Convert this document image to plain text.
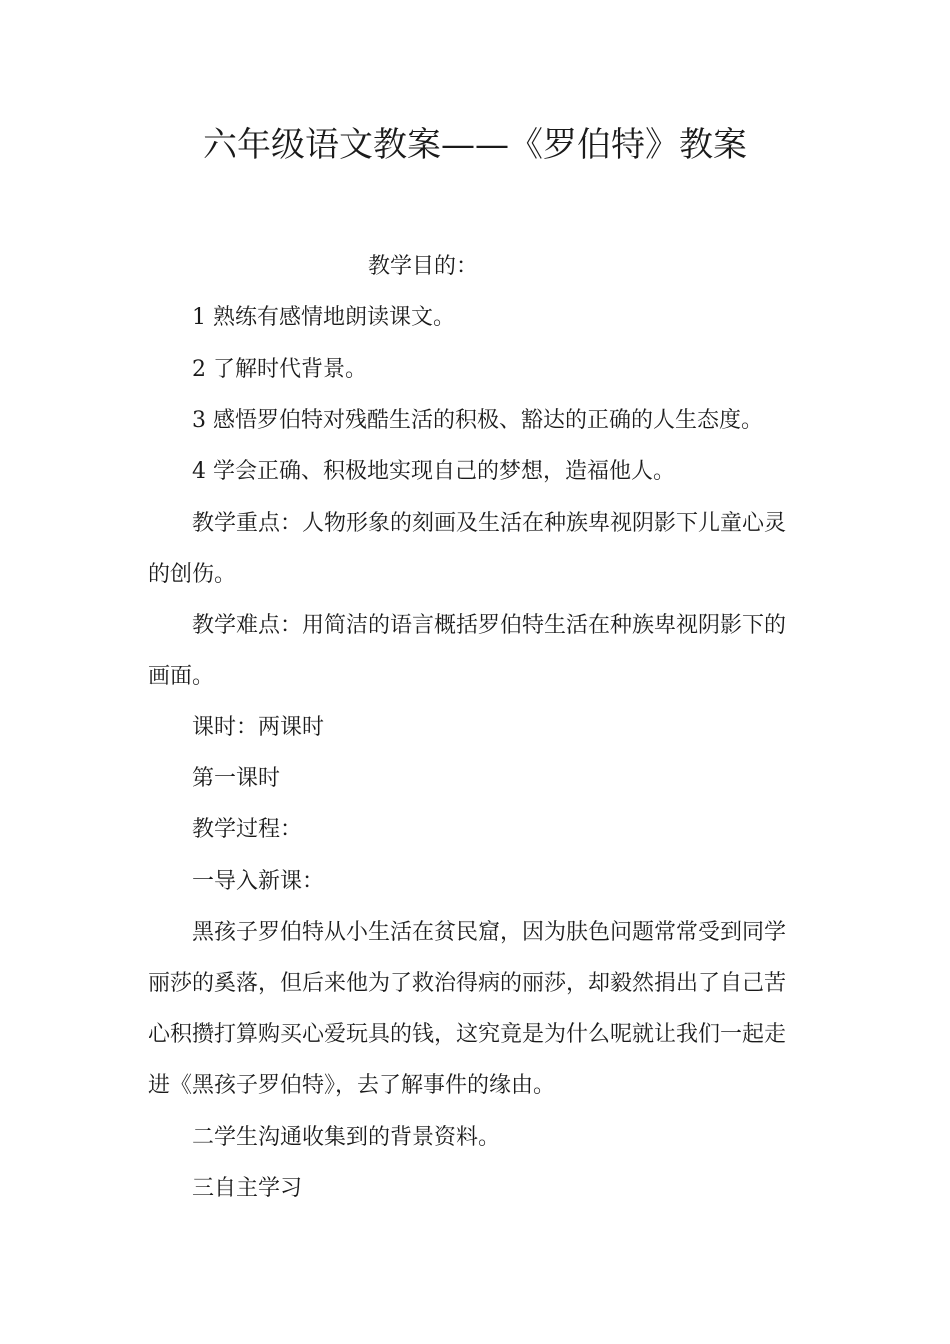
六年级语文教案——《罗伯特》教案
教学目的：
1 熟练有感情地朗读课文。
2 了解时代背景。
3 感悟罗伯特对残酷生活的积极、豁达的正确的人生态度。
4 学会正确、积极地实现自己的梦想，造福他人。
教学重点：人物形象的刻画及生活在种族卑视阴影下儿童心灵
的创伤。
教学难点：用简洁的语言概括罗伯特生活在种族卑视阴影下的
画面。
课时：两课时
第一课时
教学过程：
一导入新课：
黑孩子罗伯特从小生活在贫民窟，因为肤色问题常常受到同学
丽莎的奚落，但后来他为了救治得病的丽莎，却毅然捐出了自己苦
心积攒打算购买心爱玩具的钱，这究竟是为什么呢就让我们一起走
进《黑孩子罗伯特》，去了解事件的缘由。
二学生沟通收集到的背景资料。
三自主学习
